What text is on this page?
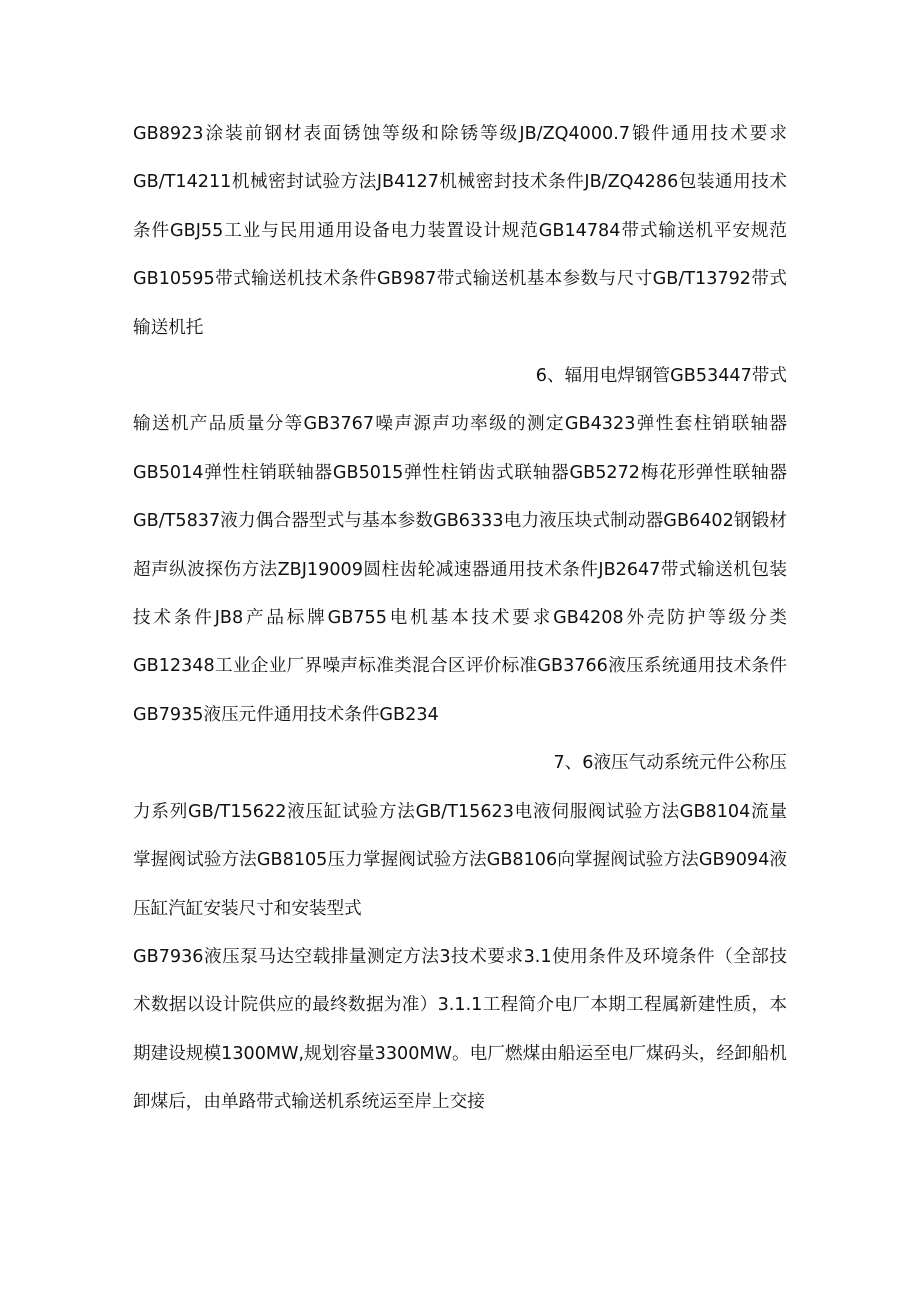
GB8923涂装前钢材表面锈蚀等级和除锈等级JB/ZQ4000.7锻件通用技术要求GB/T14211机械密封试验方法JB4127机械密封技术条件JB/ZQ4286包装通用技术条件GBJ55工业与民用通用设备电力装置设计规范GB14784带式输送机平安规范GB10595带式输送机技术条件GB987带式输送机基本参数与尺寸GB/T13792带式输送机托

6、辐用电焊钢管GB53447带式

输送机产品质量分等GB3767噪声源声功率级的测定GB4323弹性套柱销联轴器GB5014弹性柱销联轴器GB5015弹性柱销齿式联轴器GB5272梅花形弹性联轴器GB/T5837液力偶合器型式与基本参数GB6333电力液压块式制动器GB6402钢锻材超声纵波探伤方法ZBJ19009圆柱齿轮减速器通用技术条件JB2647带式输送机包装技术条件JB8产品标牌GB755电机基本技术要求GB4208外壳防护等级分类GB12348工业企业厂界噪声标准类混合区评价标准GB3766液压系统通用技术条件GB7935液压元件通用技术条件GB234

7、6液压气动系统元件公称压

力系列GB/T15622液压缸试验方法GB/T15623电液伺服阀试验方法GB8104流量掌握阀试验方法GB8105压力掌握阀试验方法GB8106向掌握阀试验方法GB9094液压缸汽缸安装尺寸和安装型式

GB7936液压泵马达空载排量测定方法3技术要求3.1使用条件及环境条件（全部技术数据以设计院供应的最终数据为准）3.1.1工程简介电厂本期工程属新建性质，本期建设规模1300MW,规划容量3300MW。电厂燃煤由船运至电厂煤码头，经卸船机卸煤后，由单路带式输送机系统运至岸上交接
